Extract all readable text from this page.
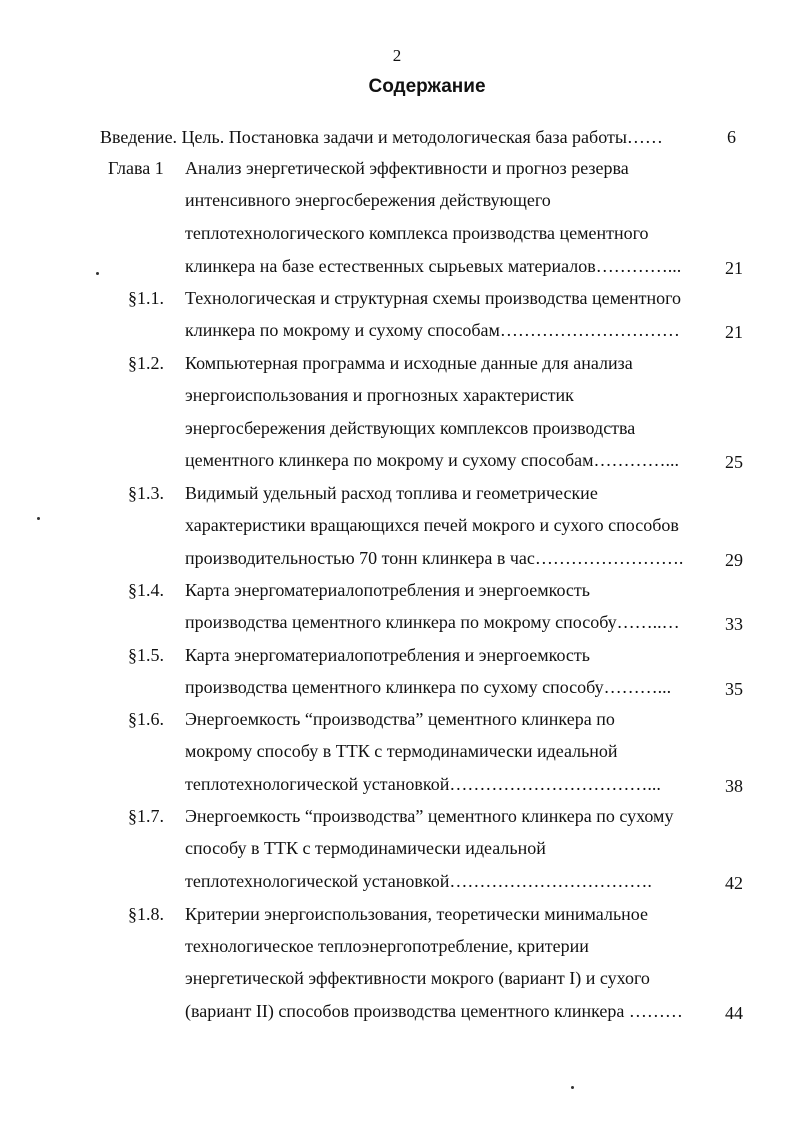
2
Содержание
Введение. Цель. Постановка задачи и методологическая база работы……	6
Глава 1 Анализ энергетической эффективности и прогноз резерва
интенсивного энергосбережения действующего
теплотехнологического комплекса производства цементного
клинкера на базе естественных сырьевых материалов…………...	21
§1.1. Технологическая и структурная схемы производства цементного
клинкера по мокрому и сухому способам…………………………	21
§1.2. Компьютерная программа и исходные данные для анализа
энергоиспользования и прогнозных характеристик
энергосбережения действующих комплексов производства
цементного клинкера по мокрому и сухому способам…………...	25
§1.3. Видимый удельный расход топлива и геометрические
характеристики вращающихся печей мокрого и сухого способов
производительностью 70 тонн клинкера в час…………………….	29
§1.4. Карта энергоматериалопотребления и энергоемкость
производства цементного клинкера по мокрому способу……..…	33
§1.5. Карта энергоматериалопотребления и энергоемкость
производства цементного клинкера по сухому способу………...	35
§1.6. Энергоемкость “производства” цементного клинкера по
мокрому способу в ТТК с термодинамически идеальной
теплотехнологической установкой……………………………...	38
§1.7. Энергоемкость “производства” цементного клинкера по сухому
способу в ТТК с термодинамически идеальной
теплотехнологической установкой…………………………….	42
§1.8. Критерии энергоиспользования, теоретически минимальное
технологическое теплоэнергопотребление, критерии
энергетической эффективности мокрого (вариант I) и сухого
(вариант II) способов производства цементного клинкера ………	44
